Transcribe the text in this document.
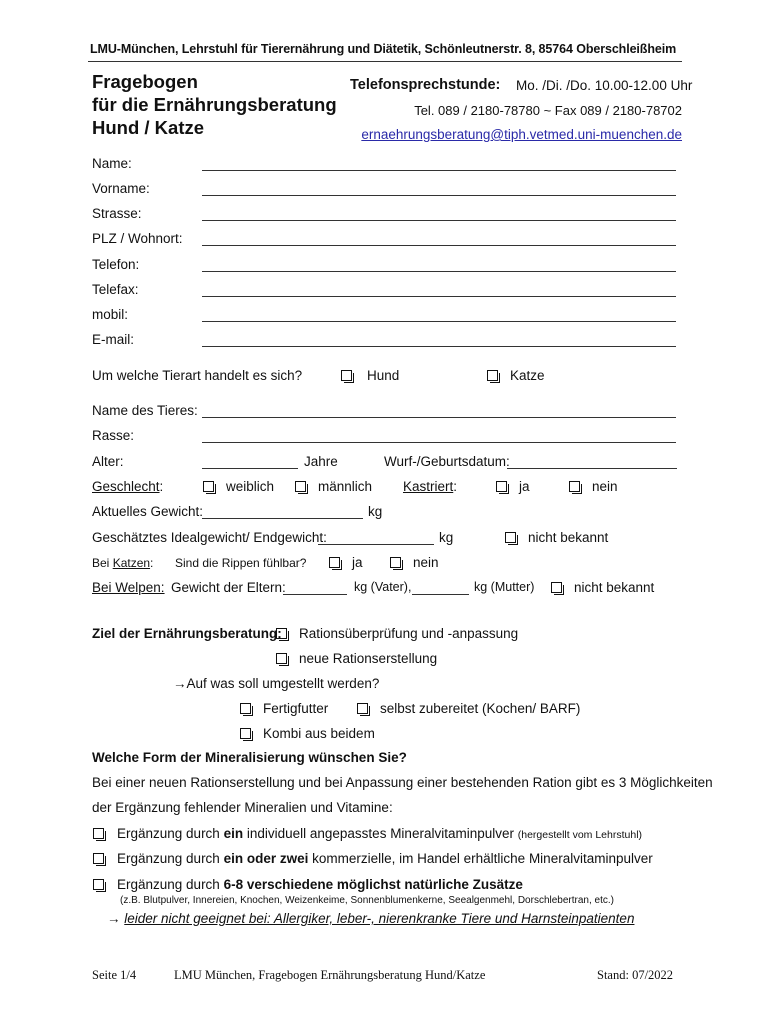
LMU-München, Lehrstuhl für Tierernährung und Diätetik, Schönleutnerstr. 8, 85764 Oberschleißheim
Fragebogen
für die Ernährungsberatung
Hund / Katze
Telefonsprechstunde: Mo. /Di. /Do. 10.00-12.00 Uhr
Tel. 089 / 2180-78780 ~ Fax 089 / 2180-78702
ernaehrungsberatung@tiph.vetmed.uni-muenchen.de
Name:
Vorname:
Strasse:
PLZ / Wohnort:
Telefon:
Telefax:
mobil:
E-mail:
Um welche Tierart handelt es sich?	Hund	Katze
Name des Tieres:
Rasse:
Alter:	Jahre	Wurf-/Geburtsdatum:
Geschlecht:	weiblich	männlich Kastriert:	ja	nein
Aktuelles Gewicht:	kg
Geschätztes Idealgewicht/ Endgewicht:	kg	nicht bekannt
Bei Katzen: Sind die Rippen fühlbar?	ja	nein
Bei Welpen: Gewicht der Eltern:	kg (Vater),	kg (Mutter)	nicht bekannt
Ziel der Ernährungsberatung: Rationsüberprüfung und -anpassung
neue Rationserstellung
→Auf was soll umgestellt werden?
Fertigfutter	selbst zubereitet (Kochen/ BARF)
Kombi aus beidem
Welche Form der Mineralisierung wünschen Sie?
Bei einer neuen Rationserstellung und bei Anpassung einer bestehenden Ration gibt es 3 Möglichkeiten
der Ergänzung fehlender Mineralien und Vitamine:
Ergänzung durch ein individuell angepasstes Mineralvitaminpulver (hergestellt vom Lehrstuhl)
Ergänzung durch ein oder zwei kommerzielle, im Handel erhältliche Mineralvitaminpulver
Ergänzung durch 6-8 verschiedene möglichst natürliche Zusätze
(z.B. Blutpulver, Innereien, Knochen, Weizenkeime, Sonnenblumenkerne, Seealgenmehl, Dorschlebertran, etc.)
→ leider nicht geeignet bei: Allergiker, leber-, nierenkranke Tiere und Harnsteinpatienten
Seite 1/4	LMU München, Fragebogen Ernährungsberatung Hund/Katze	Stand: 07/2022
